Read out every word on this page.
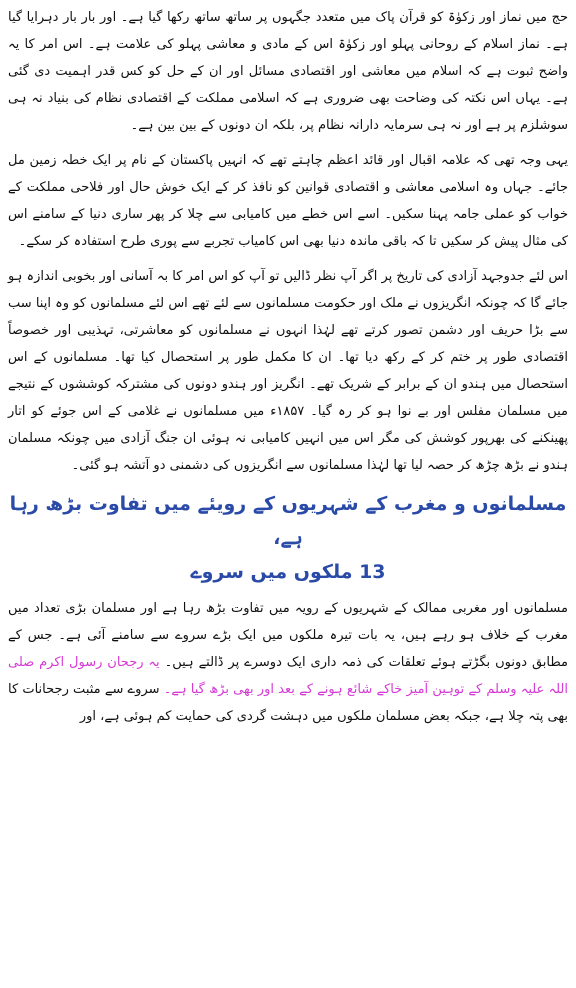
حج میں نماز اور زکوٰۃ کو قرآن پاک میں متعدد جگہوں پر ساتھ ساتھ رکھا گیا ہے۔ اور بار بار دہرایا گیا ہے۔ نماز اسلام کے روحانی پہلو اور زکوٰۃ اس کے مادی و معاشی پہلو کی علامت ہے۔ اس امر کا یہ واضح ثبوت ہے کہ اسلام میں معاشی اور اقتصادی مسائل اور ان کے حل کو کس قدر اہمیت دی گئی ہے۔ یہاں اس نکتہ کی وضاحت بھی ضروری ہے کہ اسلامی مملکت کے اقتصادی نظام کی بنیاد نہ ہی سوشلزم پر ہے اور نہ ہی سرمایہ دارانہ نظام پر، بلکہ ان دونوں کے بین بین ہے۔

یہی وجہ تھی کہ علامہ اقبال اور قائد اعظم چاہتے تھے کہ انہیں پاکستان کے نام پر ایک خطہ زمین مل جائے۔ جہاں وہ اسلامی معاشی و اقتصادی قوانین کو نافذ کر کے ایک خوش حال اور فلاحی مملکت کے خواب کو عملی جامہ پہنا سکیں۔ اسے اس خطے میں کامیابی سے چلا کر پھر ساری دنیا کے سامنے اس کی مثال پیش کر سکیں تا کہ باقی ماندہ دنیا بھی اس کامیاب تجربے سے پوری طرح استفادہ کر سکے۔

اس لئے جدوجہد آزادی کی تاریخ پر اگر آپ نظر ڈالیں تو آپ کو اس امر کا بہ آسانی اور بخوبی اندازہ ہو جائے گا کہ چونکہ انگریزوں نے ملک اور حکومت مسلمانوں سے لئے تھے اس لئے مسلمانوں کو وہ اپنا سب سے بڑا حریف اور دشمن تصور کرتے تھے لہٰذا انہوں نے مسلمانوں کو معاشرتی، تہذیبی اور خصوصاً اقتصادی طور پر ختم کر کے رکھ دیا تھا۔ ان کا مکمل طور پر استحصال کیا تھا۔ مسلمانوں کے اس استحصال میں ہندو ان کے برابر کے شریک تھے۔ انگریز اور ہندو دونوں کی مشترکہ کوششوں کے نتیجے میں مسلمان مفلس اور بے نوا ہو کر رہ گیا۔ ۱۸۵۷ء میں مسلمانوں نے غلامی کے اس جوئے کو اتار پھینکنے کی بھرپور کوشش کی مگر اس میں انہیں کامیابی نہ ہوئی ان جنگ آزادی میں چونکہ مسلمان ہندو نے بڑھ چڑھ کر حصہ لیا تھا لہٰذا مسلمانوں سے انگریزوں کی دشمنی دو آتشہ ہو گئی۔

مسلمانوں و مغرب کے شہریوں کے رویئے میں تفاوت بڑھ رہا ہے،
13 ملکوں میں سروے

مسلمانوں اور مغربی ممالک کے شہریوں کے رویہ میں تفاوت بڑھ رہا ہے اور مسلمان بڑی تعداد میں مغرب کے خلاف ہو رہے ہیں، یہ بات تیرہ ملکوں میں ایک بڑے سروے سے سامنے آئی ہے۔ جس کے مطابق دونوں بگڑتے ہوئے تعلقات کی ذمہ داری ایک دوسرے پر ڈالتے ہیں۔ یہ رجحان رسول اکرم صلی اللہ علیہ وسلم کے توہین آمیز خاکے شائع ہونے کے بعد اور بھی بڑھ گیا ہے۔ سروے سے مثبت رجحانات کا بھی پتہ چلا ہے، جبکہ بعض مسلمان ملکوں میں دہشت گردی کی حمایت کم ہوئی ہے، اور
